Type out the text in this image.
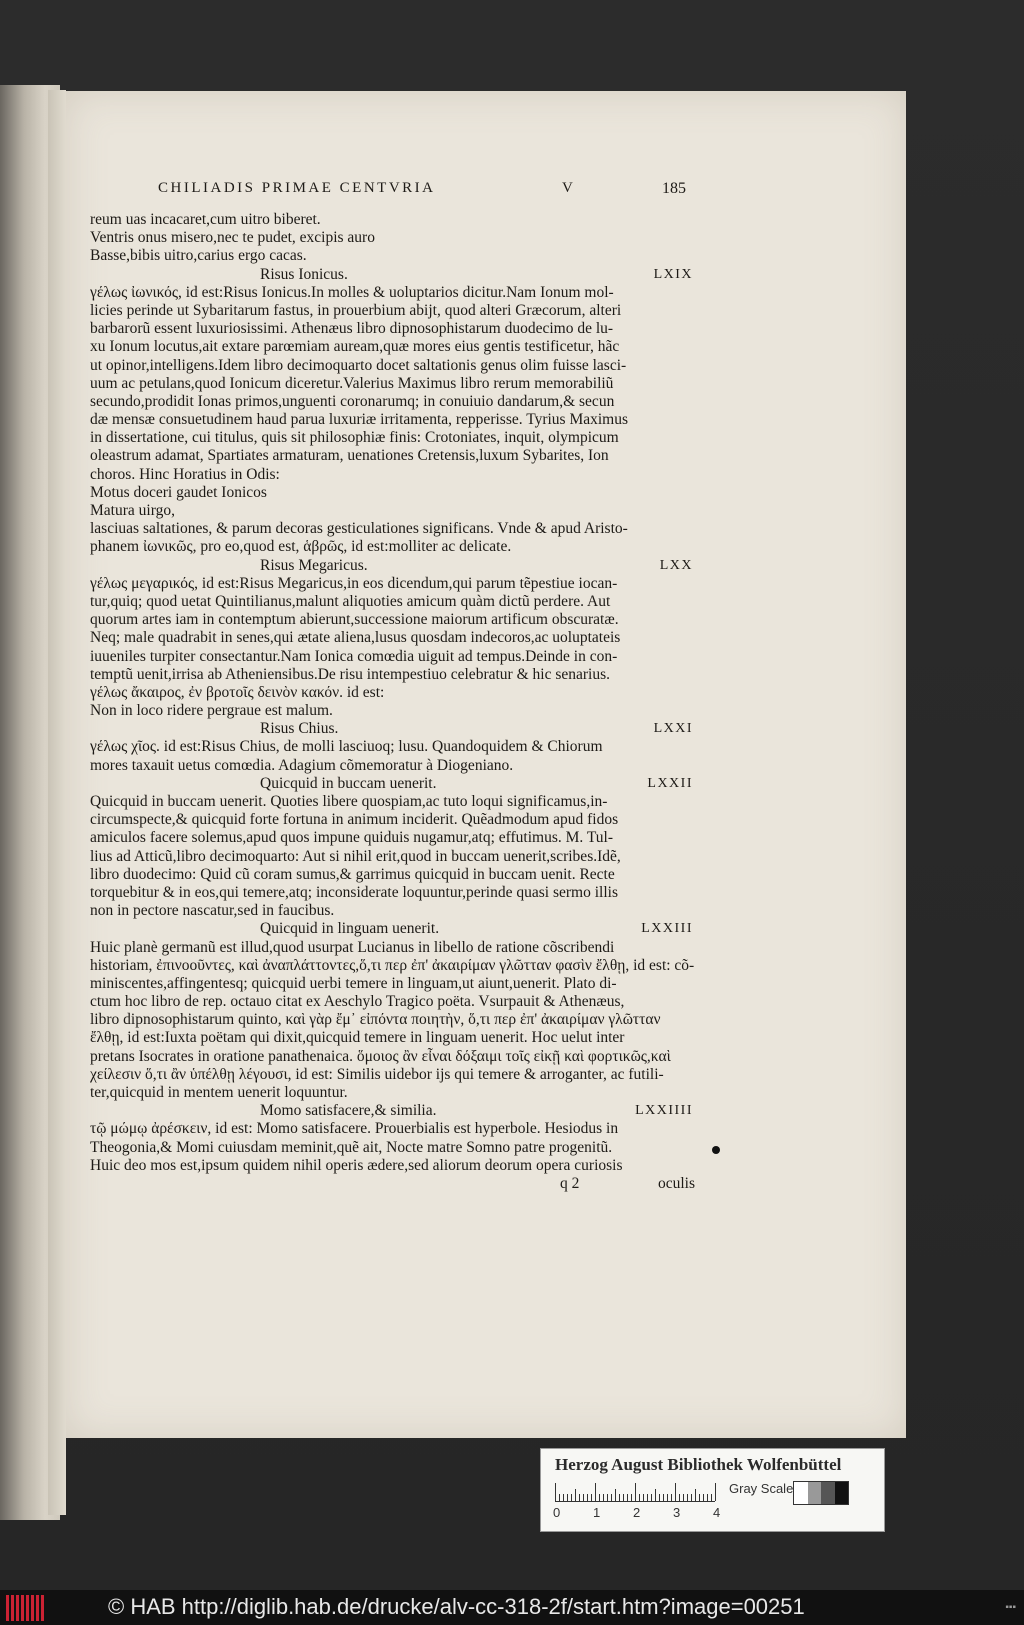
CHILIADIS PRIMAE CENTVRIA	V	185
reum uas incacaret,cum uitro biberet.
Ventris onus misero,nec te pudet, excipis auro
Basse,bibis uitro,carius ergo cacas.
Risus Ionicus.	LXIX
γέλως ἰωνικός, id est:Risus Ionicus.In molles & uoluptarios dicitur.Nam Ionum mol-
licies perinde ut Sybaritarum fastus, in prouerbium abijt, quod alteri Græcorum, alteri
barbarorũ essent luxuriosissimi. Athenæus libro dipnosophistarum duodecimo de lu-
xu Ionum locutus,ait extare parœmiam auream,quæ mores eius gentis testificetur, hãc
ut opinor,intelligens.Idem libro decimoquarto docet saltationis genus olim fuisse lasci-
uum ac petulans,quod Ionicum diceretur.Valerius Maximus libro rerum memorabiliũ
secundo,prodidit Ionas primos,unguenti coronarumq; in conuiuio dandarum,& secun
dæ mensæ consuetudinem haud parua luxuriæ irritamenta, repperisse. Tyrius Maximus
in dissertatione, cui titulus, quis sit philosophiæ finis: Crotoniates, inquit, olympicum
oleastrum adamat, Spartiates armaturam, uenationes Cretensis,luxum Sybarites, Ion
choros. Hinc Horatius in Odis:
Motus doceri gaudet Ionicos
Matura uirgo,
lasciuas saltationes, & parum decoras gesticulationes significans. Vnde & apud Aristo-
phanem ἰωνικῶς, pro eo,quod est, ἁβρῶς, id est:molliter ac delicate.
Risus Megaricus.	LXX
γέλως μεγαρικός, id est:Risus Megaricus,in eos dicendum,qui parum tẽpestiue iocan-
tur,quiq; quod uetat Quintilianus,malunt aliquoties amicum quàm dictũ perdere. Aut
quorum artes iam in contemptum abierunt,successione maiorum artificum obscuratæ.
Neq; male quadrabit in senes,qui ætate aliena,lusus quosdam indecoros,ac uoluptateis
iuueniles turpiter consectantur.Nam Ionica comœdia uiguit ad tempus.Deinde in con-
temptũ uenit,irrisa ab Atheniensibus.De risu intempestiuo celebratur & hic senarius.
γέλως ἄκαιρος, ἐν βροτοῖς δεινὸν κακόν. id est:
Non in loco ridere pergraue est malum.
Risus Chius.	LXXI
γέλως χῖος. id est:Risus Chius, de molli lasciuoq; lusu. Quandoquidem & Chiorum
mores taxauit uetus comœdia. Adagium cõmemoratur à Diogeniano.
Quicquid in buccam uenerit.	LXXII
Quicquid in buccam uenerit. Quoties libere quospiam,ac tuto loqui significamus,in-
circumspecte,& quicquid forte fortuna in animum inciderit. Quẽadmodum apud fidos
amiculos facere solemus,apud quos impune quiduis nugamur,atq; effutimus. M. Tul-
lius ad Atticũ,libro decimoquarto: Aut si nihil erit,quod in buccam uenerit,scribes.Idẽ,
libro duodecimo: Quid cũ coram sumus,& garrimus quicquid in buccam uenit. Recte
torquebitur & in eos,qui temere,atq; inconsiderate loquuntur,perinde quasi sermo illis
non in pectore nascatur,sed in faucibus.
Quicquid in linguam uenerit.	LXXIII
Huic planè germanũ est illud,quod usurpat Lucianus in libello de ratione cõscribendi
historiam, ἐπινοοῦντες, καὶ ἀναπλάττοντες,ὅ,τι περ ἐπ' ἀκαιρίμαν γλῶτταν φασὶν ἔλθῃ, id est: cõ-
miniscentes,affingentesq; quicquid uerbi temere in linguam,ut aiunt,uenerit. Plato di-
ctum hoc libro de rep. octauo citat ex Aeschylo Tragico poëta. Vsurpauit & Athenæus,
libro dipnosophistarum quinto, καὶ γὰρ ἔμ᾽ εἰπόντα ποιητὴν, ὅ,τι περ ἐπ' ἀκαιρίμαν γλῶτταν
ἔλθῃ, id est:Iuxta poëtam qui dixit,quicquid temere in linguam uenerit. Hoc uelut inter
pretans Isocrates in oratione panathenaica. ὅμοιος ἂν εἶναι δόξαιμι τοῖς εἰκῇ καὶ φορτικῶς,καὶ
χείλεσιν ὅ,τι ἂν ὑπέλθῃ λέγουσι, id est: Similis uidebor ijs qui temere & arroganter, ac futili-
ter,quicquid in mentem uenerit loquuntur.
Momo satisfacere,& similia.	LXXIIII
τῷ μώμῳ ἀρέσκειν, id est: Momo satisfacere. Prouerbialis est hyperbole. Hesiodus in
Theogonia,& Momi cuiusdam meminit,quẽ ait, Nocte matre Somno patre progenitũ.
Huic deo mos est,ipsum quidem nihil operis ædere,sed aliorum deorum opera curiosis
q 2	oculis
Herzog August Bibliothek Wolfenbüttel
0	1	2	3	4
Gray Scale
© HAB http://diglib.hab.de/drucke/alv-cc-318-2f/start.htm?image=00251	▪▪▪
